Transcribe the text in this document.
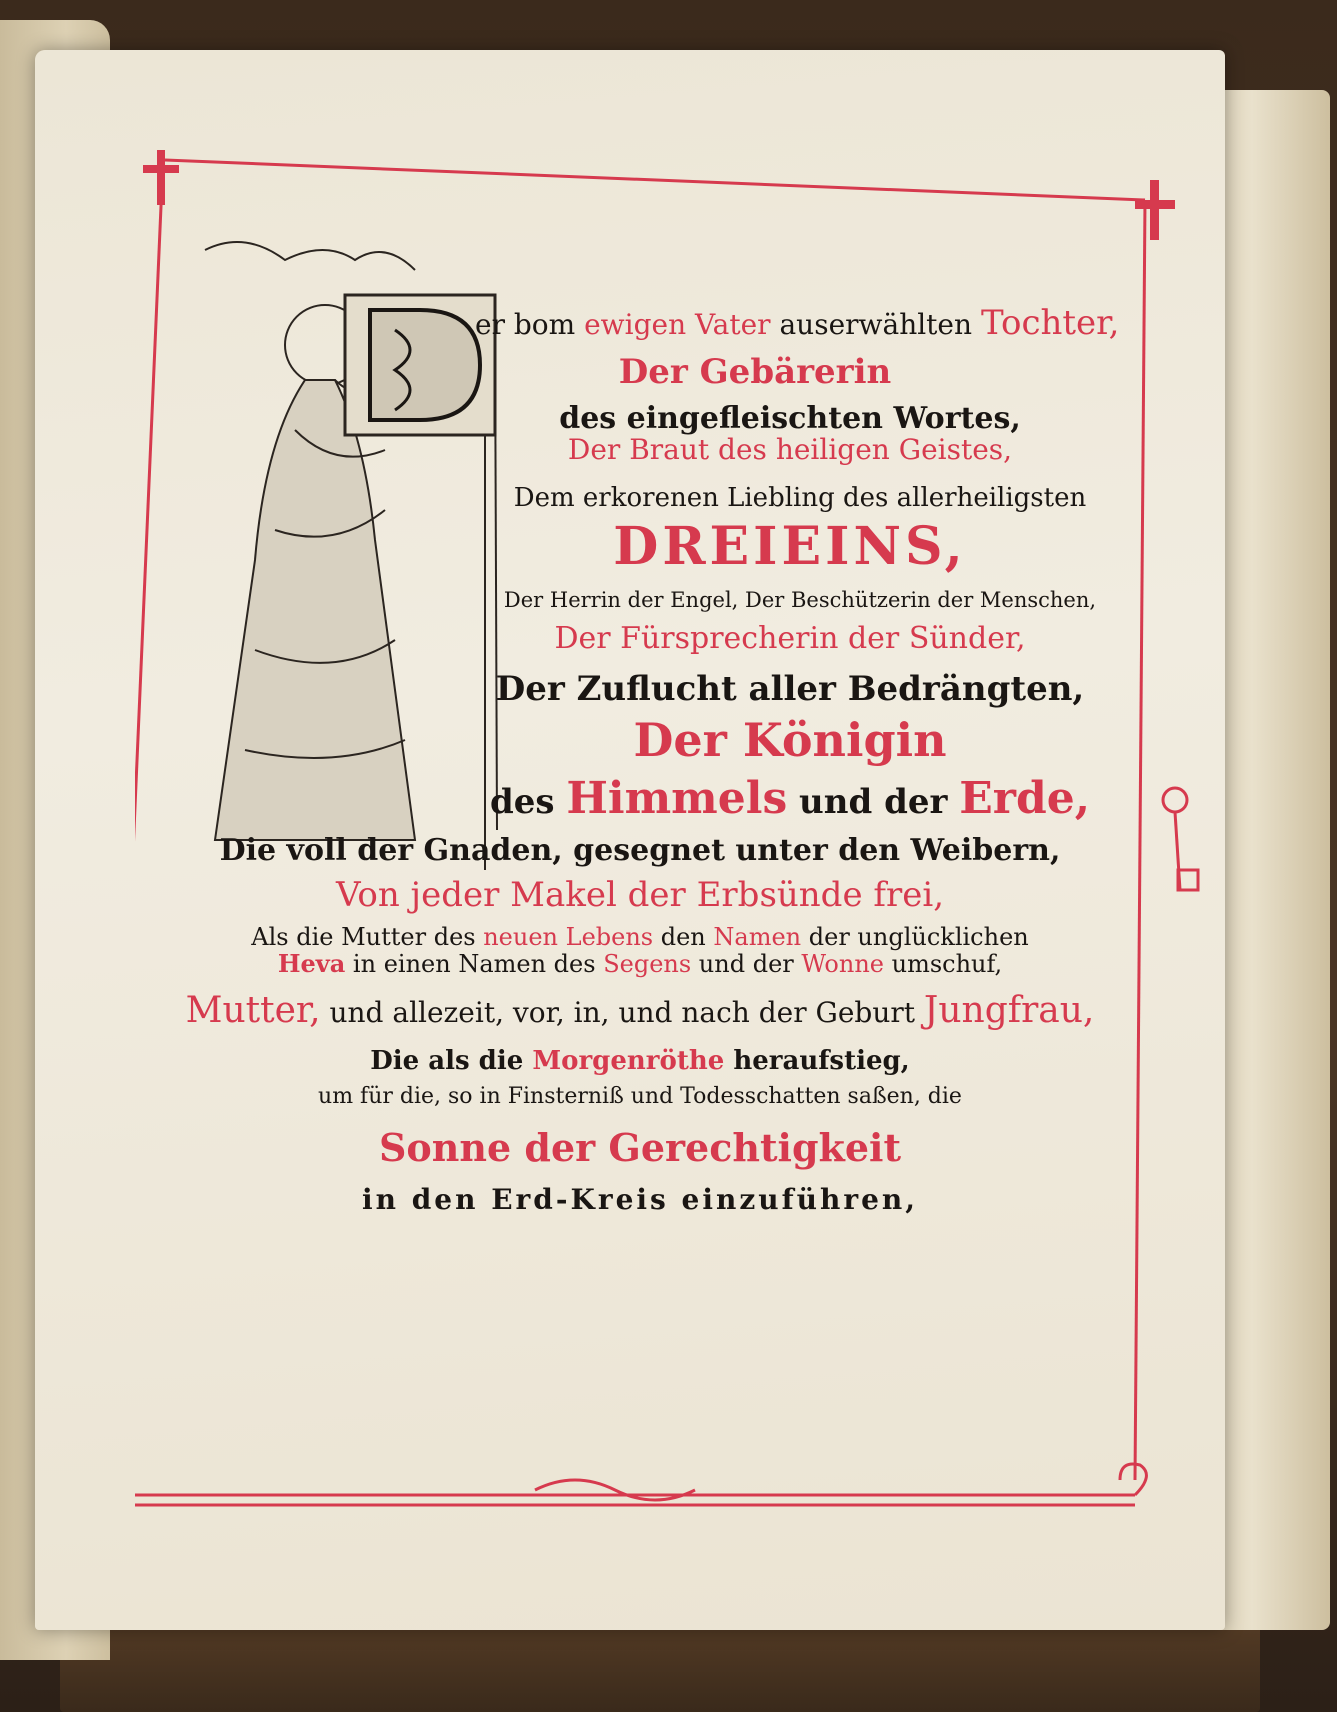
er bom ewigen Vater auserwählten Tochter,
Der Gebärerin
des eingefleischten Wortes,
Der Braut des heiligen Geistes,
Dem erkorenen Liebling des allerheiligsten
DREIEINS,
Der Herrin der Engel, Der Beschützerin der Menschen,
Der Fürsprecherin der Sünder,
Der Zuflucht aller Bedrängten,
Der Königin
des Himmels und der Erde,
Die voll der Gnaden, gesegnet unter den Weibern,
Von jeder Makel der Erbsünde frei,
Als die Mutter des neuen Lebens den Namen der unglücklichen
Heva in einen Namen des Segens und der Wonne umschuf,
Mutter, und allezeit, vor, in, und nach der Geburt Jungfrau,
Die als die Morgenröthe heraufstieg,
um für die, so in Finsterniß und Todesschatten saßen, die
Sonne der Gerechtigkeit
in den Erd-Kreis einzuführen,
